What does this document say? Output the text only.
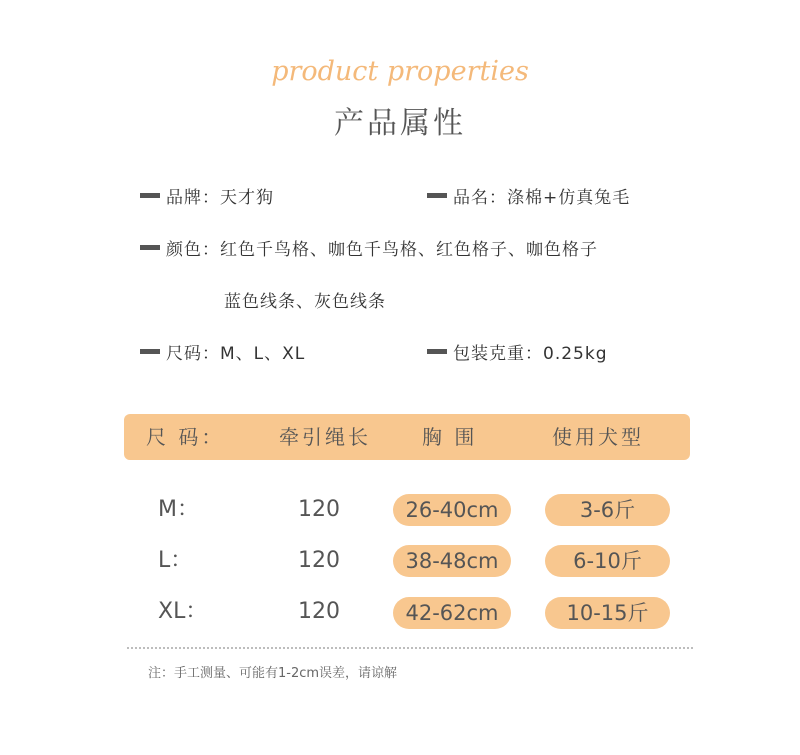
product properties
产品属性
品牌：天才狗	品名：涤棉+仿真兔毛
颜色：红色千鸟格、咖色千鸟格、红色格子、咖色格子
蓝色线条、灰色线条
尺码：M、L、XL	包装克重：0.25kg
尺 码：	牵引绳长	胸 围	使用犬型
M：	120	26-40cm	3-6斤
L：	120	38-48cm	6-10斤
XL：	120	42-62cm	10-15斤
注：手工测量、可能有1-2cm误差，请谅解
